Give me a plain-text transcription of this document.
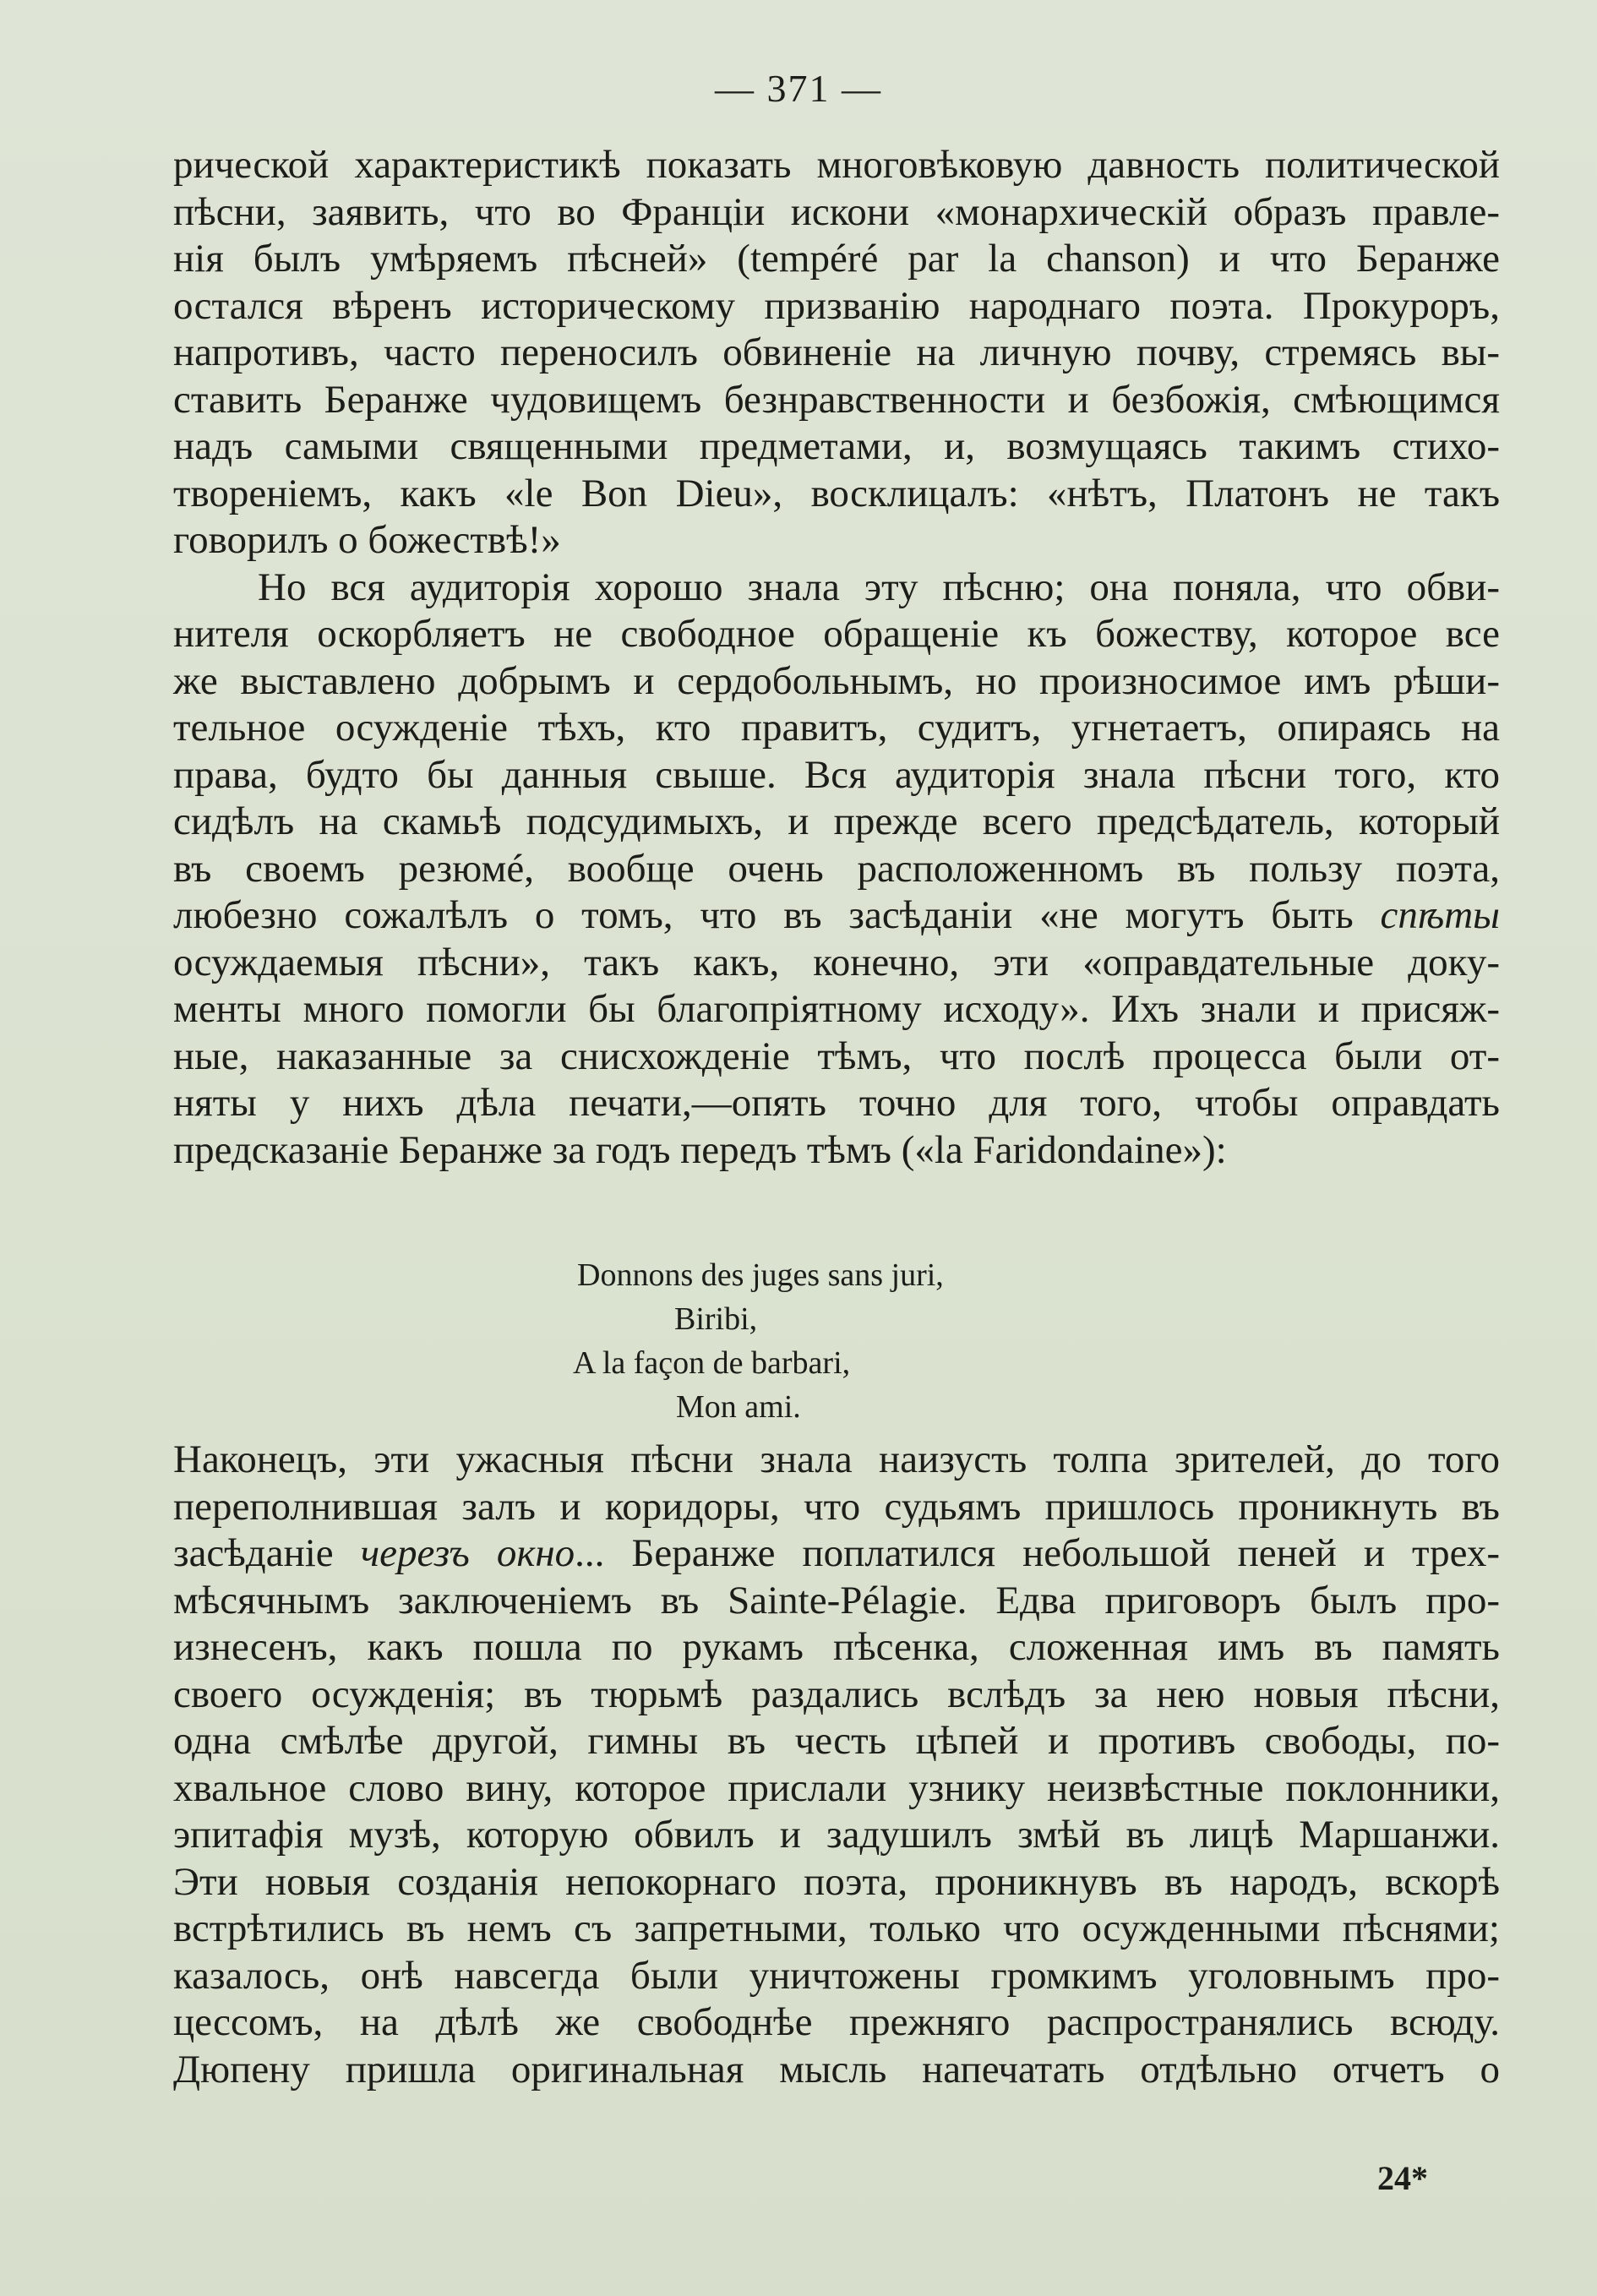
— 371 —
рической характеристикѣ показать многовѣковую давность политической
пѣсни, заявить, что во Франціи искони «монархическій образъ правле-
нія былъ умѣряемъ пѣсней» (tempéré par la chanson) и что Беранже
остался вѣренъ историческому призванію народнаго поэта. Прокуроръ,
напротивъ, часто переносилъ обвиненіе на личную почву, стремясь вы-
ставить Беранже чудовищемъ безнравственности и безбожія, смѣющимся
надъ самыми священными предметами, и, возмущаясь такимъ стихо-
твореніемъ, какъ «le Bon Dieu», восклицалъ: «нѣтъ, Платонъ не такъ
говорилъ о божествѣ!»
Но вся аудиторія хорошо знала эту пѣсню; она поняла, что обви-
нителя оскорбляетъ не свободное обращеніе къ божеству, которое все
же выставлено добрымъ и сердобольнымъ, но произносимое имъ рѣши-
тельное осужденіе тѣхъ, кто правитъ, судитъ, угнетаетъ, опираясь на
права, будто бы данныя свыше. Вся аудиторія знала пѣсни того, кто
сидѣлъ на скамьѣ подсудимыхъ, и прежде всего предсѣдатель, который
въ своемъ резюмé, вообще очень расположенномъ въ пользу поэта,
любезно сожалѣлъ о томъ, что въ засѣданіи «не могутъ быть спѣты
осуждаемыя пѣсни», такъ какъ, конечно, эти «оправдательные доку-
менты много помогли бы благопріятному исходу». Ихъ знали и присяж-
ные, наказанные за снисхожденіе тѣмъ, что послѣ процесса были от-
няты у нихъ дѣла печати,—опять точно для того, чтобы оправдать
предсказаніе Беранже за годъ передъ тѣмъ («la Faridondaine»):
Donnons des juges sans juri,
Biribi,
A la façon de barbari,
Mon ami.
Наконецъ, эти ужасныя пѣсни знала наизусть толпа зрителей, до того
переполнившая залъ и коридоры, что судьямъ пришлось проникнуть въ
засѣданіе черезъ окно... Беранже поплатился небольшой пеней и трех-
мѣсячнымъ заключеніемъ въ Sainte-Pélagie. Едва приговоръ былъ про-
изнесенъ, какъ пошла по рукамъ пѣсенка, сложенная имъ въ память
своего осужденія; въ тюрьмѣ раздались вслѣдъ за нею новыя пѣсни,
одна смѣлѣе другой, гимны въ честь цѣпей и противъ свободы, по-
хвальное слово вину, которое прислали узнику неизвѣстные поклонники,
эпитафія музѣ, которую обвилъ и задушилъ змѣй въ лицѣ Маршанжи.
Эти новыя созданія непокорнаго поэта, проникнувъ въ народъ, вскорѣ
встрѣтились въ немъ съ запретными, только что осужденными пѣснями;
казалось, онѣ навсегда были уничтожены громкимъ уголовнымъ про-
цессомъ, на дѣлѣ же свободнѣе прежняго распространялись всюду.
Дюпену пришла оригинальная мысль напечатать отдѣльно отчетъ о
24*
